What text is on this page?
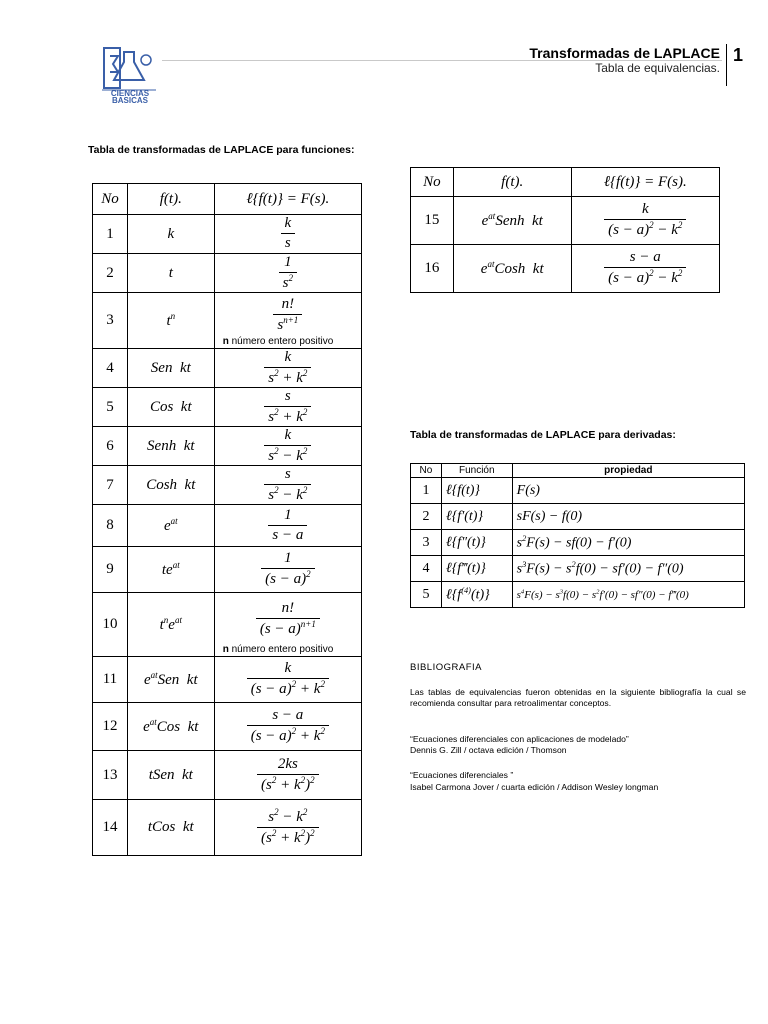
CIENCIAS
BASICAS
Transformadas de LAPLACE
Tabla de equivalencias.
1
Tabla de transformadas de LAPLACE para funciones:
No	f(t).	ℓ{f(t)} = F(s).
1	k	$\frac{k}{s}$

2	t	$\frac{1}{s^2}$

3	$t^n$	$\frac{n!}{s^{n+1}}$
n número entero positivo

4	Sen  kt	$\frac{k}{s^2 + k^2}$

5	Cos  kt	$\frac{s}{s^2 + k^2}$

6	Senh  kt	$\frac{k}{s^2 - k^2}$

7	Cosh  kt	$\frac{s}{s^2 - k^2}$

8	$e^{at}$	$\frac{1}{s - a}$

9	$te^{at}$	$\frac{1}{(s - a)^2}$

10	$t^ne^{at}$	$\frac{n!}{(s - a)^{n+1}}$
n número entero positivo

11	$e^{at}Sen$  kt	$\frac{k}{(s - a)^2 + k^2}$

12	$e^{at}Cos$  kt	$\frac{s - a}{(s - a)^2 + k^2}$

13	tSen  kt	$\frac{2ks}{(s^2 + k^2)^2}$

14	tCos  kt	$\frac{s^2 - k^2}{(s^2 + k^2)^2}$
No	f(t).	ℓ{f(t)} = F(s).
15	$e^{at}Senh$  kt	$\frac{k}{(s - a)^2 - k^2}$

16	$e^{at}Cosh$  kt	$\frac{s - a}{(s - a)^2 - k^2}$
Tabla de transformadas de LAPLACE para derivadas:
No	Función	propiedad
1	ℓ{f(t)}	F(s)
2	ℓ{f′(t)}	sF(s) − f(0)
3	ℓ{f″(t)}	$s^2F(s) - sf(0) - f'(0)$
4	ℓ{f‴(t)}	$s^3F(s) - s^2f(0) - sf'(0) - f''(0)$
5	$\ell\{f^{(4)}(t)\}$	$s^4F(s) - s^3f(0) - s^2f'(0) - sf''(0)$ − f‴(0)
BIBLIOGRAFIA
Las tablas de equivalencias fueron obtenidas en la siguiente bibliografía la cual se recomienda consultar para retroalimentar conceptos.
“Ecuaciones diferenciales con aplicaciones de modelado”
Dennis G. Zill / octava edición / Thomson
“Ecuaciones diferenciales ”
Isabel Carmona Jover / cuarta edición / Addison Wesley longman
